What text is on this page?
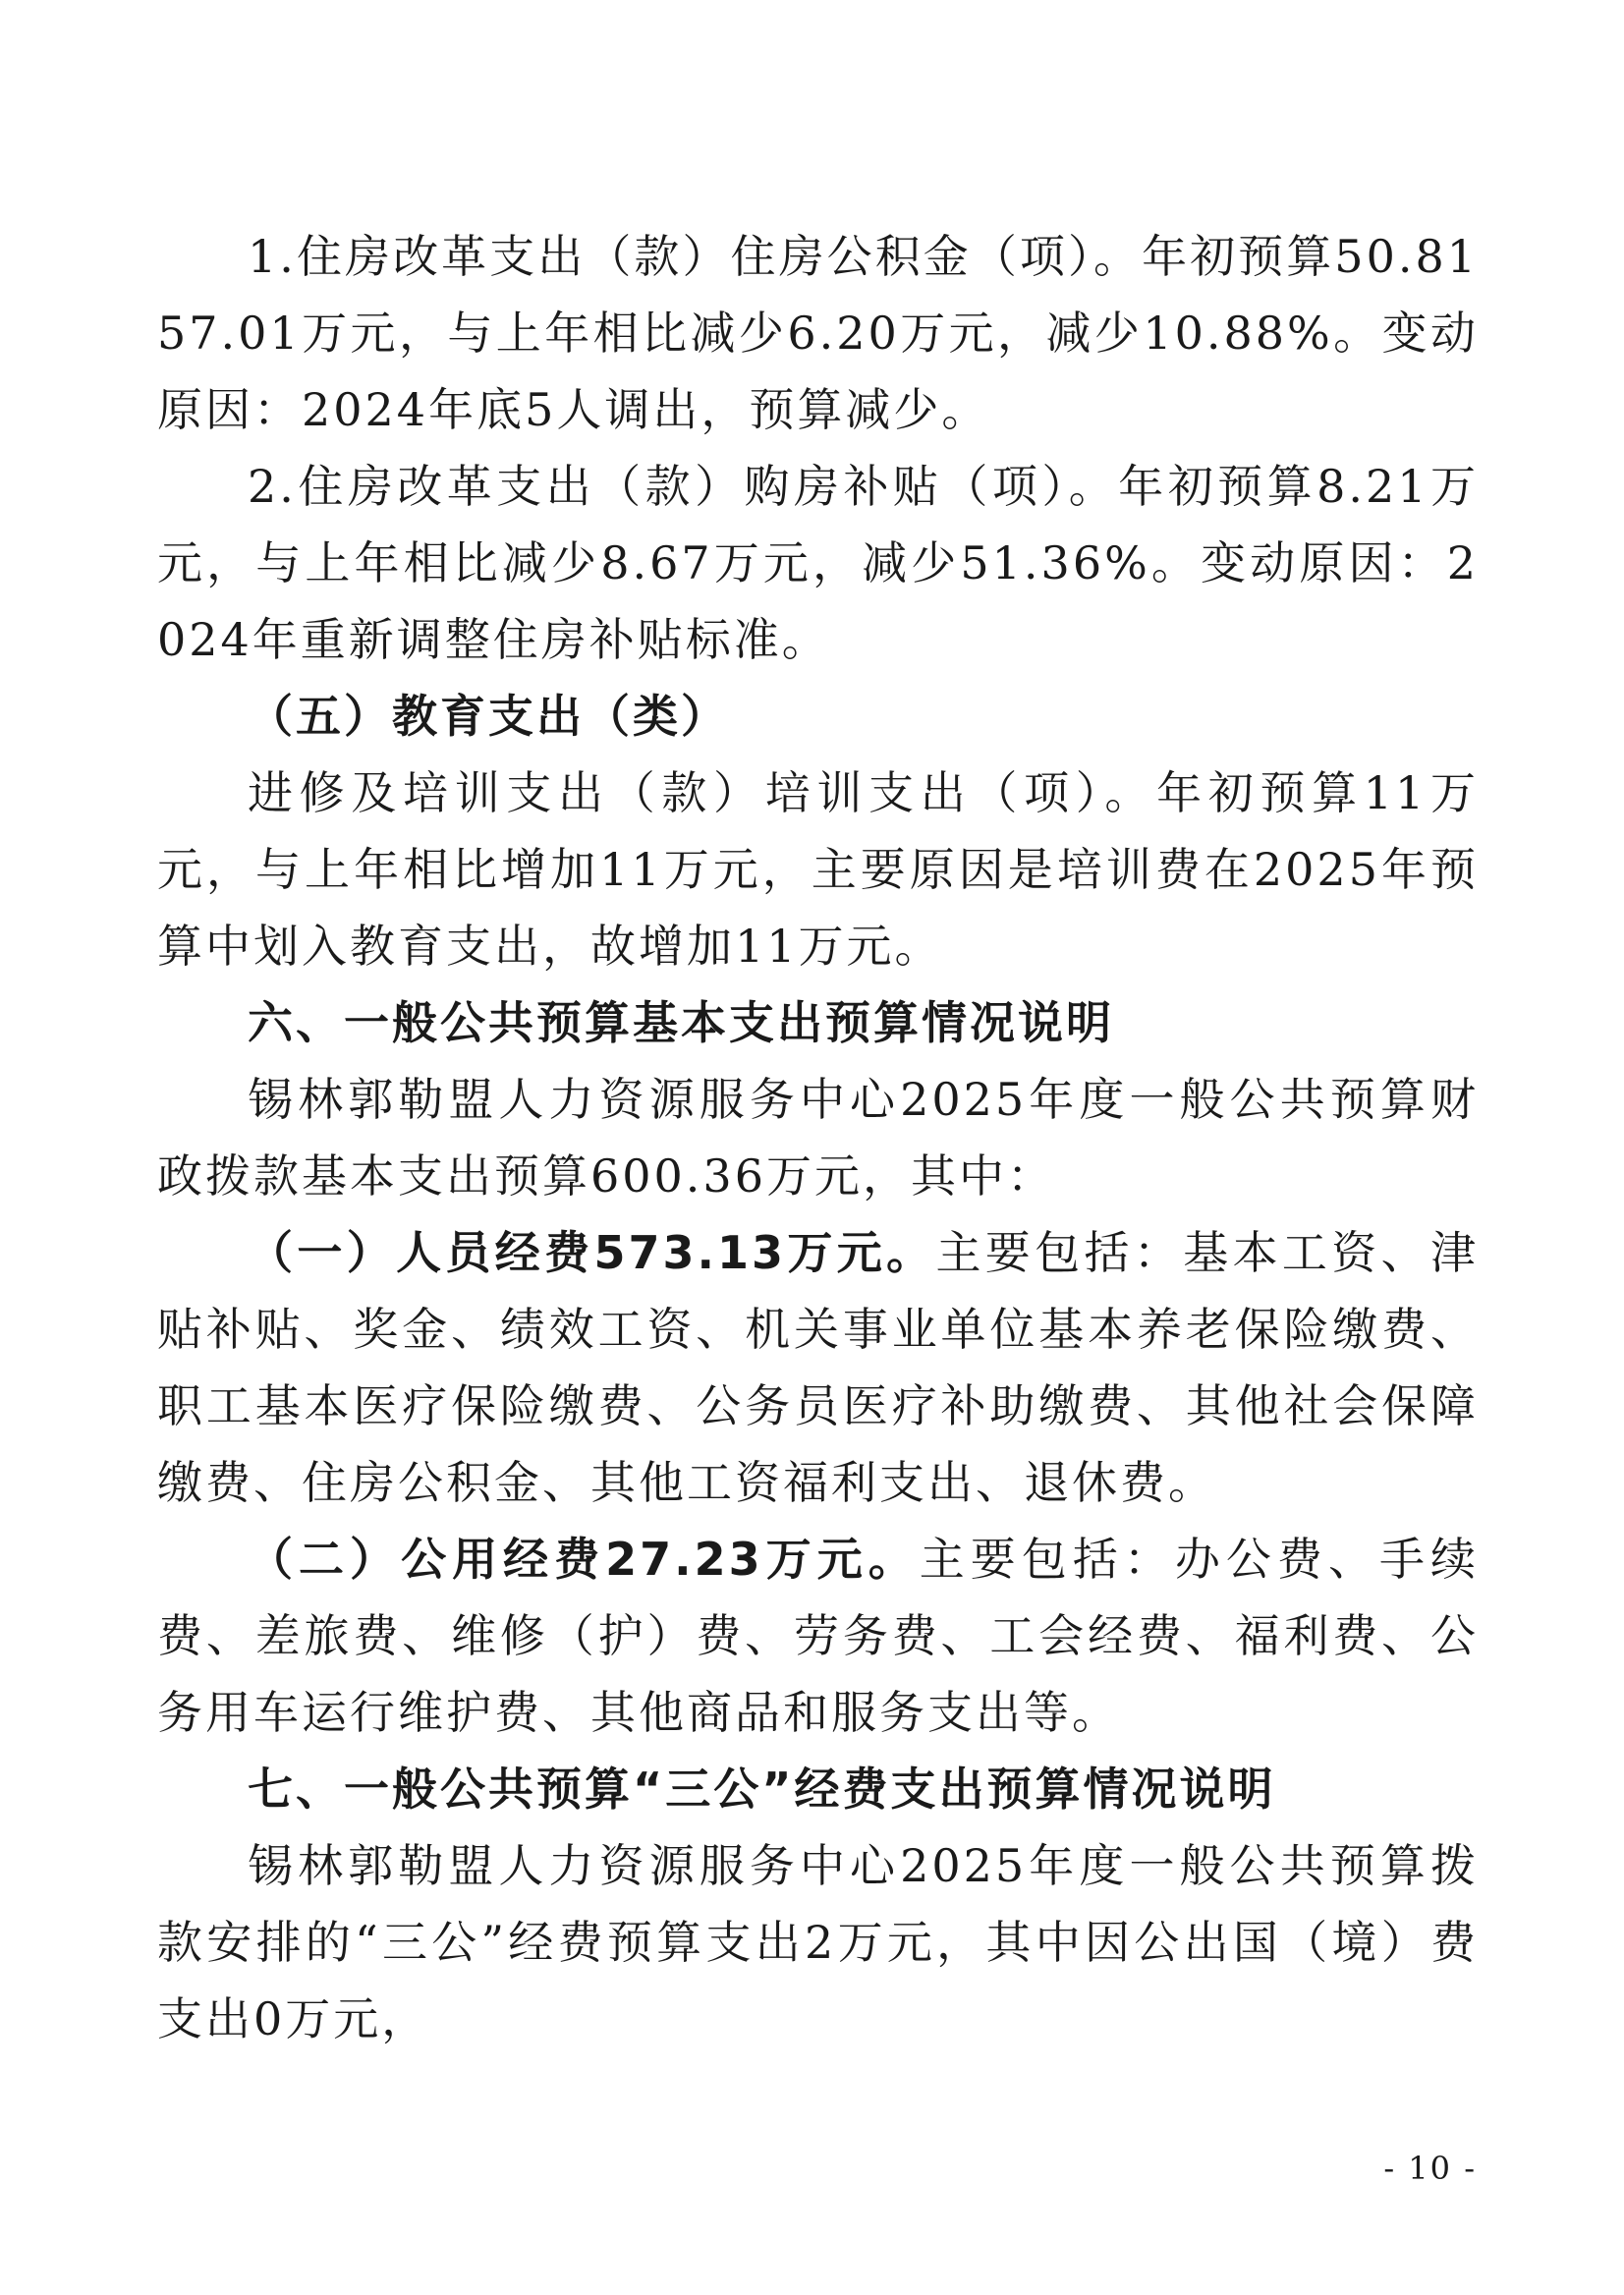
1.住房改革支出（款）住房公积金（项）。年初预算50.8157.01万元，与上年相比减少6.20万元，减少10.88%。变动原因：2024年底5人调出，预算减少。

2.住房改革支出（款）购房补贴（项）。年初预算8.21万元，与上年相比减少8.67万元，减少51.36%。变动原因：2024年重新调整住房补贴标准。

（五）教育支出（类）

进修及培训支出（款）培训支出（项）。年初预算11万元，与上年相比增加11万元，主要原因是培训费在2025年预算中划入教育支出，故增加11万元。

六、一般公共预算基本支出预算情况说明

锡林郭勒盟人力资源服务中心2025年度一般公共预算财政拨款基本支出预算600.36万元，其中：

（一）人员经费573.13万元。主要包括：基本工资、津贴补贴、奖金、绩效工资、机关事业单位基本养老保险缴费、职工基本医疗保险缴费、公务员医疗补助缴费、其他社会保障缴费、住房公积金、其他工资福利支出、退休费。

（二）公用经费27.23万元。主要包括：办公费、手续费、差旅费、维修（护）费、劳务费、工会经费、福利费、公务用车运行维护费、其他商品和服务支出等。

七、一般公共预算“三公”经费支出预算情况说明

锡林郭勒盟人力资源服务中心2025年度一般公共预算拨款安排的“三公”经费预算支出2万元，其中因公出国（境）费支出0万元，

- 10 -
